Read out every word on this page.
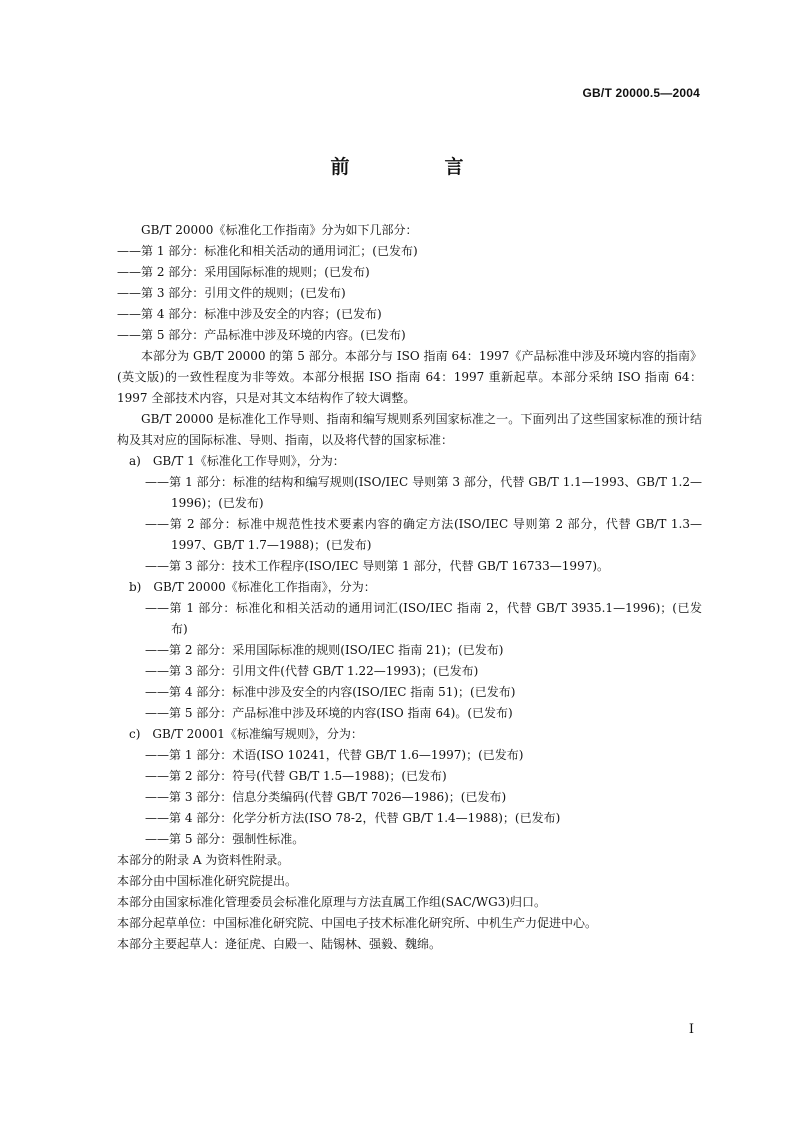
GB/T 20000.5—2004
前　言

GB/T 20000《标准化工作指南》分为如下几部分：

——第 1 部分：标准化和相关活动的通用词汇；(已发布)

——第 2 部分：采用国际标准的规则；(已发布)

——第 3 部分：引用文件的规则；(已发布)

——第 4 部分：标准中涉及安全的内容；(已发布)

——第 5 部分：产品标准中涉及环境的内容。(已发布)

本部分为 GB/T 20000 的第 5 部分。本部分与 ISO 指南 64：1997《产品标准中涉及环境内容的指南》(英文版)的一致性程度为非等效。本部分根据 ISO 指南 64：1997 重新起草。本部分采纳 ISO 指南 64：1997 全部技术内容，只是对其文本结构作了较大调整。

GB/T 20000 是标准化工作导则、指南和编写规则系列国家标准之一。下面列出了这些国家标准的预计结构及其对应的国际标准、导则、指南，以及将代替的国家标准：

a)　GB/T 1《标准化工作导则》，分为：

——第 1 部分：标准的结构和编写规则(ISO/IEC 导则第 3 部分，代替 GB/T 1.1—1993、GB/T 1.2—1996)；(已发布)

——第 2 部分：标准中规范性技术要素内容的确定方法(ISO/IEC 导则第 2 部分，代替 GB/T 1.3—1997、GB/T 1.7—1988)；(已发布)

——第 3 部分：技术工作程序(ISO/IEC 导则第 1 部分，代替 GB/T 16733—1997)。

b)　GB/T 20000《标准化工作指南》，分为：

——第 1 部分：标准化和相关活动的通用词汇(ISO/IEC 指南 2，代替 GB/T 3935.1—1996)；(已发布)

——第 2 部分：采用国际标准的规则(ISO/IEC 指南 21)；(已发布)

——第 3 部分：引用文件(代替 GB/T 1.22—1993)；(已发布)

——第 4 部分：标准中涉及安全的内容(ISO/IEC 指南 51)；(已发布)

——第 5 部分：产品标准中涉及环境的内容(ISO 指南 64)。(已发布)

c)　GB/T 20001《标准编写规则》，分为：

——第 1 部分：术语(ISO 10241，代替 GB/T 1.6—1997)；(已发布)

——第 2 部分：符号(代替 GB/T 1.5—1988)；(已发布)

——第 3 部分：信息分类编码(代替 GB/T 7026—1986)；(已发布)

——第 4 部分：化学分析方法(ISO 78-2，代替 GB/T 1.4—1988)；(已发布)

——第 5 部分：强制性标准。

本部分的附录 A 为资料性附录。

本部分由中国标准化研究院提出。

本部分由国家标准化管理委员会标准化原理与方法直属工作组(SAC/WG3)归口。

本部分起草单位：中国标准化研究院、中国电子技术标准化研究所、中机生产力促进中心。

本部分主要起草人：逄征虎、白殿一、陆锡林、强毅、魏绵。

I
